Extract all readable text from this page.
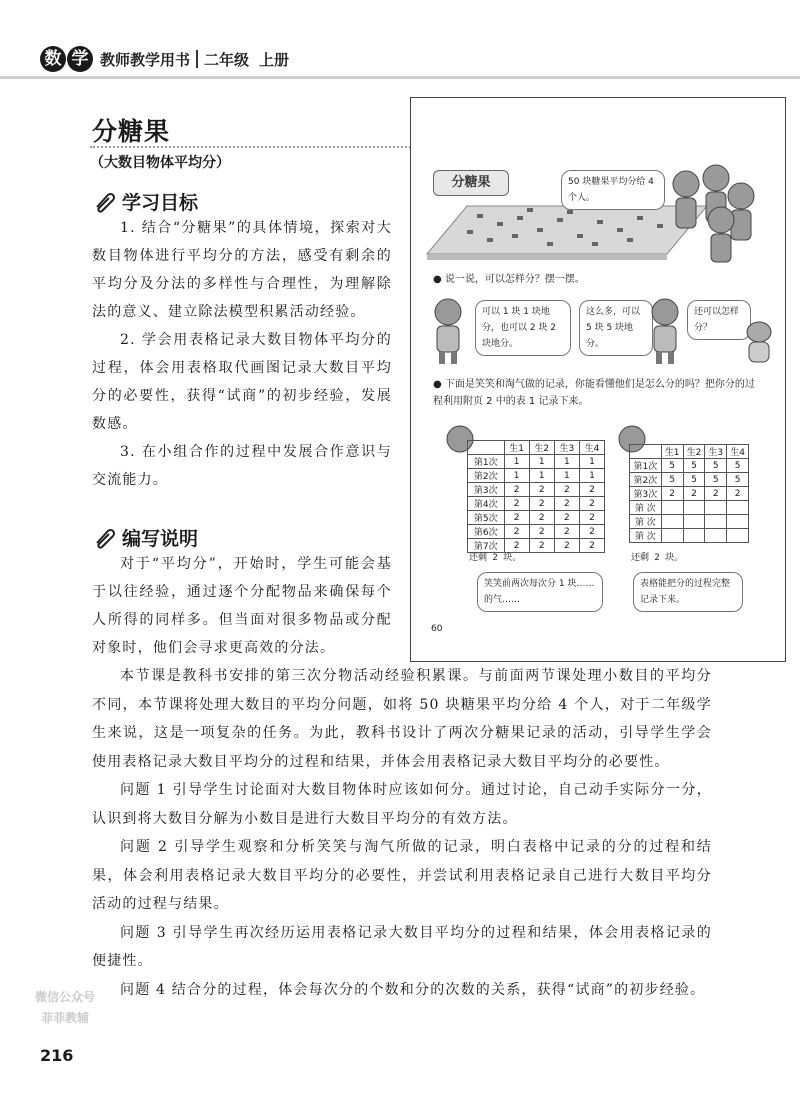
数 学 教师教学用书 二年级 上册
分糖果
（大数目物体平均分）
学习目标

1. 结合“分糖果”的具体情境，探索对大数目物体进行平均分的方法，感受有剩余的平均分及分法的多样性与合理性，为理解除法的意义、建立除法模型积累活动经验。

2. 学会用表格记录大数目物体平均分的过程，体会用表格取代画图记录大数目平均分的必要性，获得“试商”的初步经验，发展数感。

3. 在小组合作的过程中发展合作意识与交流能力。

编写说明

对于“平均分”，开始时，学生可能会基于以往经验，通过逐个分配物品来确保每个人所得的同样多。但当面对很多物品或分配对象时，他们会寻求更高效的分法。

本节课是教科书安排的第三次分物活动经验积累课。与前面两节课处理小数目的平均分不同，本节课将处理大数目的平均分问题，如将 50 块糖果平均分给 4 个人，对于二年级学生来说，这是一项复杂的任务。为此，教科书设计了两次分糖果记录的活动，引导学生学会使用表格记录大数目平均分的过程和结果，并体会用表格记录大数目平均分的必要性。

问题 1 引导学生讨论面对大数目物体时应该如何分。通过讨论，自己动手实际分一分，认识到将大数目分解为小数目是进行大数目平均分的有效方法。

问题 2 引导学生观察和分析笑笑与淘气所做的记录，明白表格中记录的分的过程和结果，体会利用表格记录大数目平均分的必要性，并尝试利用表格记录自己进行大数目平均分活动的过程与结果。

问题 3 引导学生再次经历运用表格记录大数目平均分的过程和结果，体会用表格记录的便捷性。

问题 4 结合分的过程，体会每次分的个数和分的次数的关系，获得“试商”的初步经验。

分糖果	50 块糖果平均分给 4 个人。
● 说一说，可以怎样分？摆一摆。
可以 1 块 1 块地分，也可以 2 块 2 块地分。
这么多，可以 5 块 5 块地分。
还可以怎样分？
● 下面是笑笑和淘气做的记录，你能看懂他们是怎么分的吗？把你分的过程利用附页 2 中的表 1 记录下来。
	生1	生2	生3	生4
第1次	1	1	1	1
第2次	1	1	1	1
第3次	2	2	2	2
第4次	2	2	2	2
第5次	2	2	2	2
第6次	2	2	2	2
第7次	2	2	2	2
还剩 2 块。
	生1	生2	生3	生4
第1次	5	5	5	5
第2次	5	5	5	5
第3次	2	2	2	2
第 次				
第 次				
第 次				
还剩 2 块。
笑笑前两次每次分 1 块……的气……
表格能把分的过程完整记录下来。
60
微信公众号
菲菲教辅
216
